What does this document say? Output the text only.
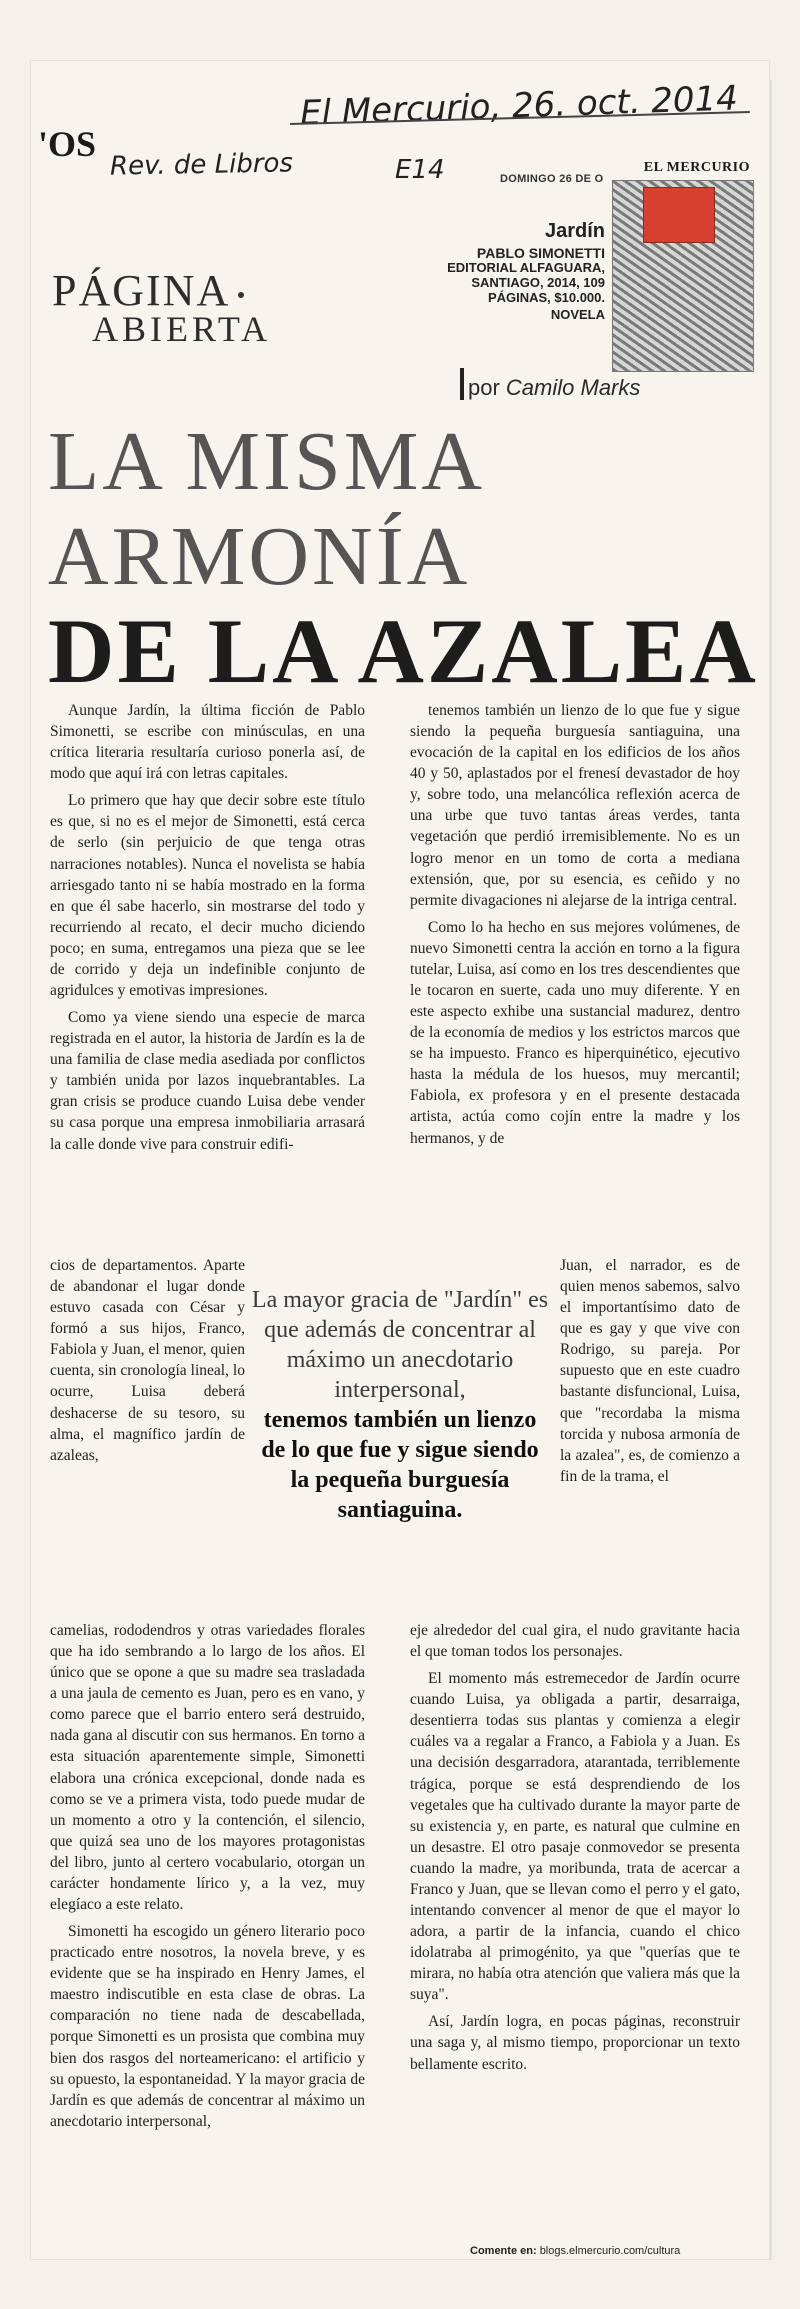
El Mercurio, 26. oct. 2014
Rev. de Libros	E14
'OS
EL MERCURIO
DOMINGO 26 DE O
PÁGINA
ABIERTA
Jardín
PABLO SIMONETTI
EDITORIAL ALFAGUARA,
SANTIAGO, 2014, 109
PÁGINAS, $10.000.
NOVELA
por Camilo Marks
LA MISMA
ARMONÍA
DE LA AZALEA

Aunque Jardín, la última ficción de Pablo Simonetti, se escribe con minúsculas, en una crítica literaria resultaría curioso ponerla así, de modo que aquí irá con letras capitales.

Lo primero que hay que decir sobre este título es que, si no es el mejor de Simonetti, está cerca de serlo (sin perjuicio de que tenga otras narraciones notables). Nunca el novelista se había arriesgado tanto ni se había mostrado en la forma en que él sabe hacerlo, sin mostrarse del todo y recurriendo al recato, el decir mucho diciendo poco; en suma, entregamos una pieza que se lee de corrido y deja un indefinible conjunto de agridulces y emotivas impresiones.

Como ya viene siendo una especie de marca registrada en el autor, la historia de Jardín es la de una familia de clase media asediada por conflictos y también unida por lazos inquebrantables. La gran crisis se produce cuando Luisa debe vender su casa porque una empresa inmobiliaria arrasará la calle donde vive para construir edifi-

tenemos también un lienzo de lo que fue y sigue siendo la pequeña burguesía santiaguina, una evocación de la capital en los edificios de los años 40 y 50, aplastados por el frenesí devastador de hoy y, sobre todo, una melancólica reflexión acerca de una urbe que tuvo tantas áreas verdes, tanta vegetación que perdió irremisiblemente. No es un logro menor en un tomo de corta a mediana extensión, que, por su esencia, es ceñido y no permite divagaciones ni alejarse de la intriga central.

Como lo ha hecho en sus mejores volúmenes, de nuevo Simonetti centra la acción en torno a la figura tutelar, Luisa, así como en los tres descendientes que le tocaron en suerte, cada uno muy diferente. Y en este aspecto exhibe una sustancial madurez, dentro de la economía de medios y los estrictos marcos que se ha impuesto. Franco es hiperquinético, ejecutivo hasta la médula de los huesos, muy mercantil; Fabiola, ex profesora y en el presente destacada artista, actúa como cojín entre la madre y los hermanos, y de

cios de departamentos. Aparte de abandonar el lugar donde estuvo casada con César y formó a sus hijos, Franco, Fabiola y Juan, el menor, quien cuenta, sin cronología lineal, lo ocurre, Luisa deberá deshacerse de su tesoro, su alma, el magnífico jardín de azaleas,

Juan, el narrador, es de quien menos sabemos, salvo el importantísimo dato de que es gay y que vive con Rodrigo, su pareja. Por supuesto que en este cuadro bastante disfuncional, Luisa, que "recordaba la misma torcida y nubosa armonía de la azalea", es, de comienzo a fin de la trama, el

La mayor gracia de "Jardín" es que además de concentrar al máximo un anecdotario interpersonal,
tenemos también un lienzo de lo que fue y sigue siendo la pequeña burguesía santiaguina.

camelias, rododendros y otras variedades florales que ha ido sembrando a lo largo de los años. El único que se opone a que su madre sea trasladada a una jaula de cemento es Juan, pero es en vano, y como parece que el barrio entero será destruido, nada gana al discutir con sus hermanos. En torno a esta situación aparentemente simple, Simonetti elabora una crónica excepcional, donde nada es como se ve a primera vista, todo puede mudar de un momento a otro y la contención, el silencio, que quizá sea uno de los mayores protagonistas del libro, junto al certero vocabulario, otorgan un carácter hondamente lírico y, a la vez, muy elegíaco a este relato.

Simonetti ha escogido un género literario poco practicado entre nosotros, la novela breve, y es evidente que se ha inspirado en Henry James, el maestro indiscutible en esta clase de obras. La comparación no tiene nada de descabellada, porque Simonetti es un prosista que combina muy bien dos rasgos del norteamericano: el artificio y su opuesto, la espontaneidad. Y la mayor gracia de Jardín es que además de concentrar al máximo un anecdotario interpersonal,

eje alrededor del cual gira, el nudo gravitante hacia el que toman todos los personajes.

El momento más estremecedor de Jardín ocurre cuando Luisa, ya obligada a partir, desarraiga, desentierra todas sus plantas y comienza a elegir cuáles va a regalar a Franco, a Fabiola y a Juan. Es una decisión desgarradora, atarantada, terriblemente trágica, porque se está desprendiendo de los vegetales que ha cultivado durante la mayor parte de su existencia y, en parte, es natural que culmine en un desastre. El otro pasaje conmovedor se presenta cuando la madre, ya moribunda, trata de acercar a Franco y Juan, que se llevan como el perro y el gato, intentando convencer al menor de que el mayor lo adora, a partir de la infancia, cuando el chico idolatraba al primogénito, ya que "querías que te mirara, no había otra atención que valiera más que la suya".

Así, Jardín logra, en pocas páginas, reconstruir una saga y, al mismo tiempo, proporcionar un texto bellamente escrito.

Comente en: blogs.elmercurio.com/cultura
